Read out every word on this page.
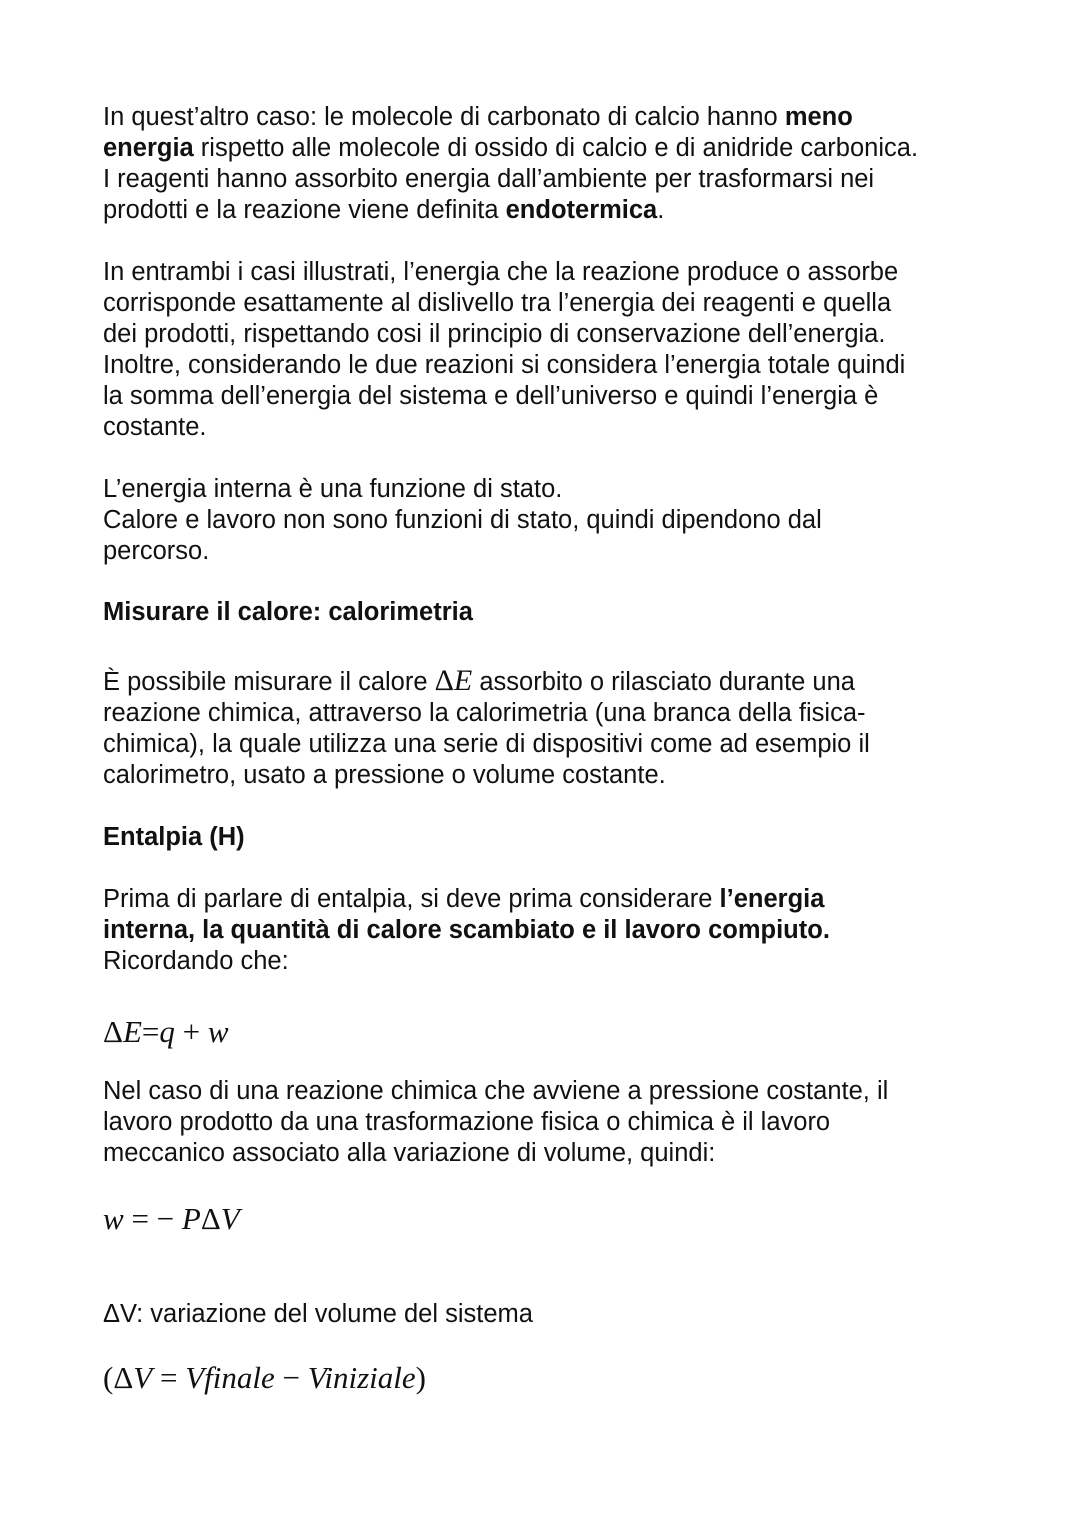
In quest’altro caso: le molecole di carbonato di calcio hanno meno
energia rispetto alle molecole di ossido di calcio e di anidride carbonica.
I reagenti hanno assorbito energia dall’ambiente per trasformarsi nei
prodotti e la reazione viene definita endotermica.

In entrambi i casi illustrati, l’energia che la reazione produce o assorbe
corrisponde esattamente al dislivello tra l’energia dei reagenti e quella
dei prodotti, rispettando cosi il principio di conservazione dell’energia.
Inoltre, considerando le due reazioni si considera l’energia totale quindi
la somma dell’energia del sistema e dell’universo e quindi l’energia è
costante.

L’energia interna è una funzione di stato.
Calore e lavoro non sono funzioni di stato, quindi dipendono dal
percorso.

Misurare il calore: calorimetria

È possibile misurare il calore ΔE assorbito o rilasciato durante una
reazione chimica, attraverso la calorimetria (una branca della fisica-
chimica), la quale utilizza una serie di dispositivi come ad esempio il
calorimetro, usato a pressione o volume costante.

Entalpia (H)

Prima di parlare di entalpia, si deve prima considerare l’energia
interna, la quantità di calore scambiato e il lavoro compiuto.
Ricordando che:

ΔE=q + w

Nel caso di una reazione chimica che avviene a pressione costante, il
lavoro prodotto da una trasformazione fisica o chimica è il lavoro
meccanico associato alla variazione di volume, quindi:

w = − PΔV

ΔV: variazione del volume del sistema

(ΔV = Vfinale − Viniziale)
